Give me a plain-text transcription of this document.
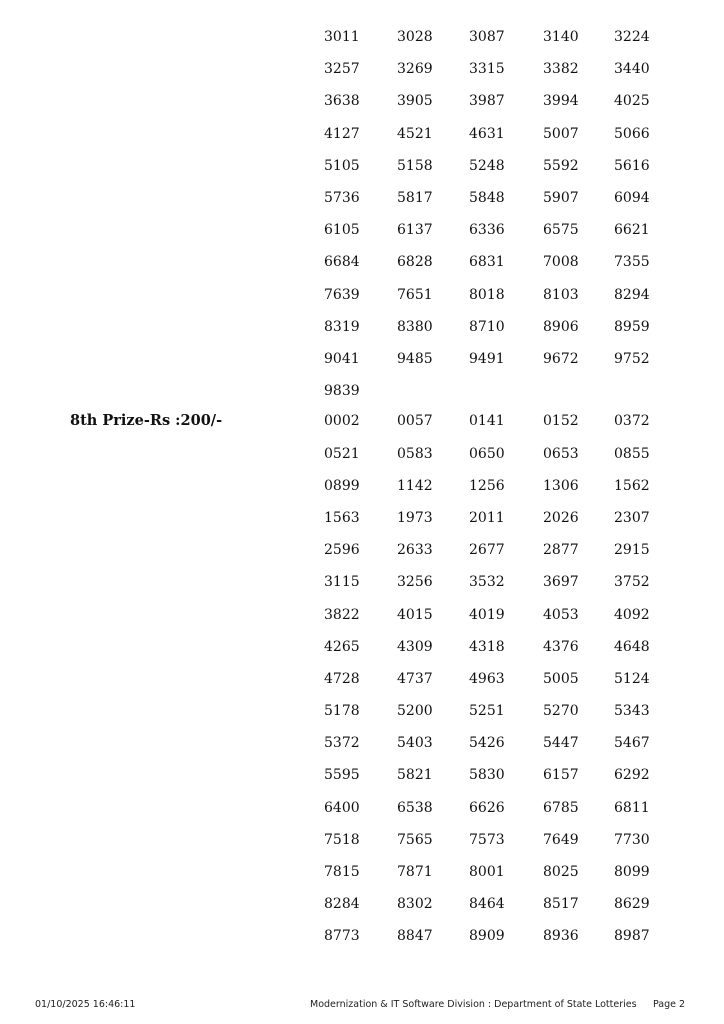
3011	3028	3087	3140	3224
3257	3269	3315	3382	3440
3638	3905	3987	3994	4025
4127	4521	4631	5007	5066
5105	5158	5248	5592	5616
5736	5817	5848	5907	6094
6105	6137	6336	6575	6621
6684	6828	6831	7008	7355
7639	7651	8018	8103	8294
8319	8380	8710	8906	8959
9041	9485	9491	9672	9752
9839
8th Prize-Rs :200/-	0002	0057	0141	0152	0372
0521	0583	0650	0653	0855
0899	1142	1256	1306	1562
1563	1973	2011	2026	2307
2596	2633	2677	2877	2915
3115	3256	3532	3697	3752
3822	4015	4019	4053	4092
4265	4309	4318	4376	4648
4728	4737	4963	5005	5124
5178	5200	5251	5270	5343
5372	5403	5426	5447	5467
5595	5821	5830	6157	6292
6400	6538	6626	6785	6811
7518	7565	7573	7649	7730
7815	7871	8001	8025	8099
8284	8302	8464	8517	8629
8773	8847	8909	8936	8987
01/10/2025 16:46:11	Modernization & IT Software Division : Department of State Lotteries Page 2
